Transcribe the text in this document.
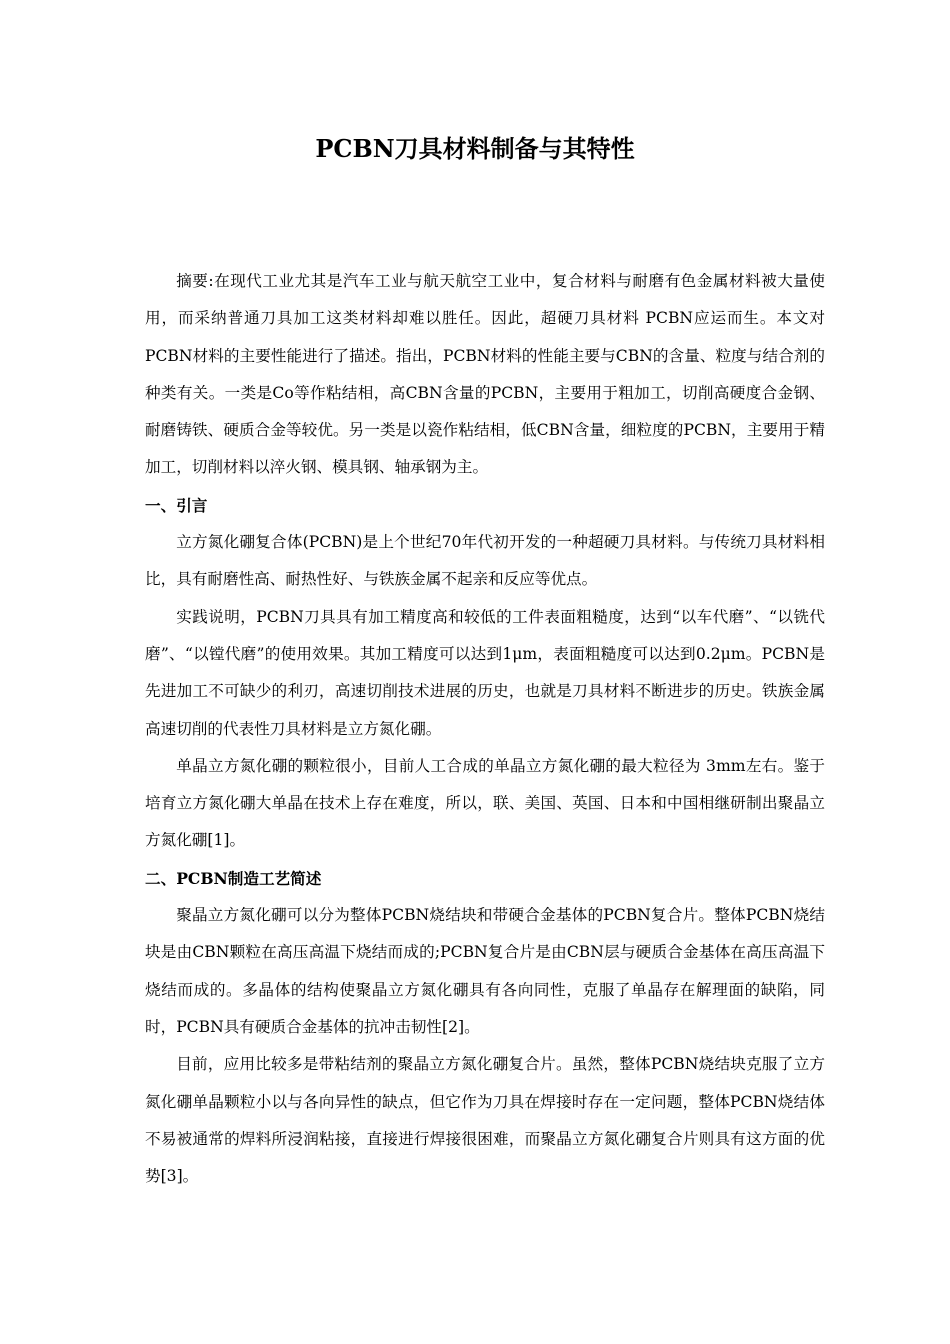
PCBN刀具材料制备与其特性

摘要:在现代工业尤其是汽车工业与航天航空工业中，复合材料与耐磨有色金属材料被大量使用，而采纳普通刀具加工这类材料却难以胜任。因此，超硬刀具材料 PCBN应运而生。本文对PCBN材料的主要性能进行了描述。指出，PCBN材料的性能主要与CBN的含量、粒度与结合剂的种类有关。一类是Co等作粘结相，高CBN含量的PCBN，主要用于粗加工，切削高硬度合金钢、耐磨铸铁、硬质合金等较优。另一类是以瓷作粘结相，低CBN含量，细粒度的PCBN，主要用于精加工，切削材料以淬火钢、模具钢、轴承钢为主。

一、引言

立方氮化硼复合体(PCBN)是上个世纪70年代初开发的一种超硬刀具材料。与传统刀具材料相比，具有耐磨性高、耐热性好、与铁族金属不起亲和反应等优点。

实践说明，PCBN刀具具有加工精度高和较低的工件表面粗糙度，达到“以车代磨”、“以铣代磨”、“以镗代磨”的使用效果。其加工精度可以达到1μm，表面粗糙度可以达到0.2μm。PCBN是先进加工不可缺少的利刃，高速切削技术进展的历史，也就是刀具材料不断进步的历史。铁族金属高速切削的代表性刀具材料是立方氮化硼。

单晶立方氮化硼的颗粒很小，目前人工合成的单晶立方氮化硼的最大粒径为 3mm左右。鉴于培育立方氮化硼大单晶在技术上存在难度，所以，联、美国、英国、日本和中国相继研制出聚晶立方氮化硼[1]。

二、PCBN制造工艺简述

聚晶立方氮化硼可以分为整体PCBN烧结块和带硬合金基体的PCBN复合片。整体PCBN烧结块是由CBN颗粒在高压高温下烧结而成的;PCBN复合片是由CBN层与硬质合金基体在高压高温下烧结而成的。多晶体的结构使聚晶立方氮化硼具有各向同性，克服了单晶存在解理面的缺陷，同时，PCBN具有硬质合金基体的抗冲击韧性[2]。

目前，应用比较多是带粘结剂的聚晶立方氮化硼复合片。虽然，整体PCBN烧结块克服了立方氮化硼单晶颗粒小以与各向异性的缺点，但它作为刀具在焊接时存在一定问题，整体PCBN烧结体不易被通常的焊料所浸润粘接，直接进行焊接很困难，而聚晶立方氮化硼复合片则具有这方面的优势[3]。
